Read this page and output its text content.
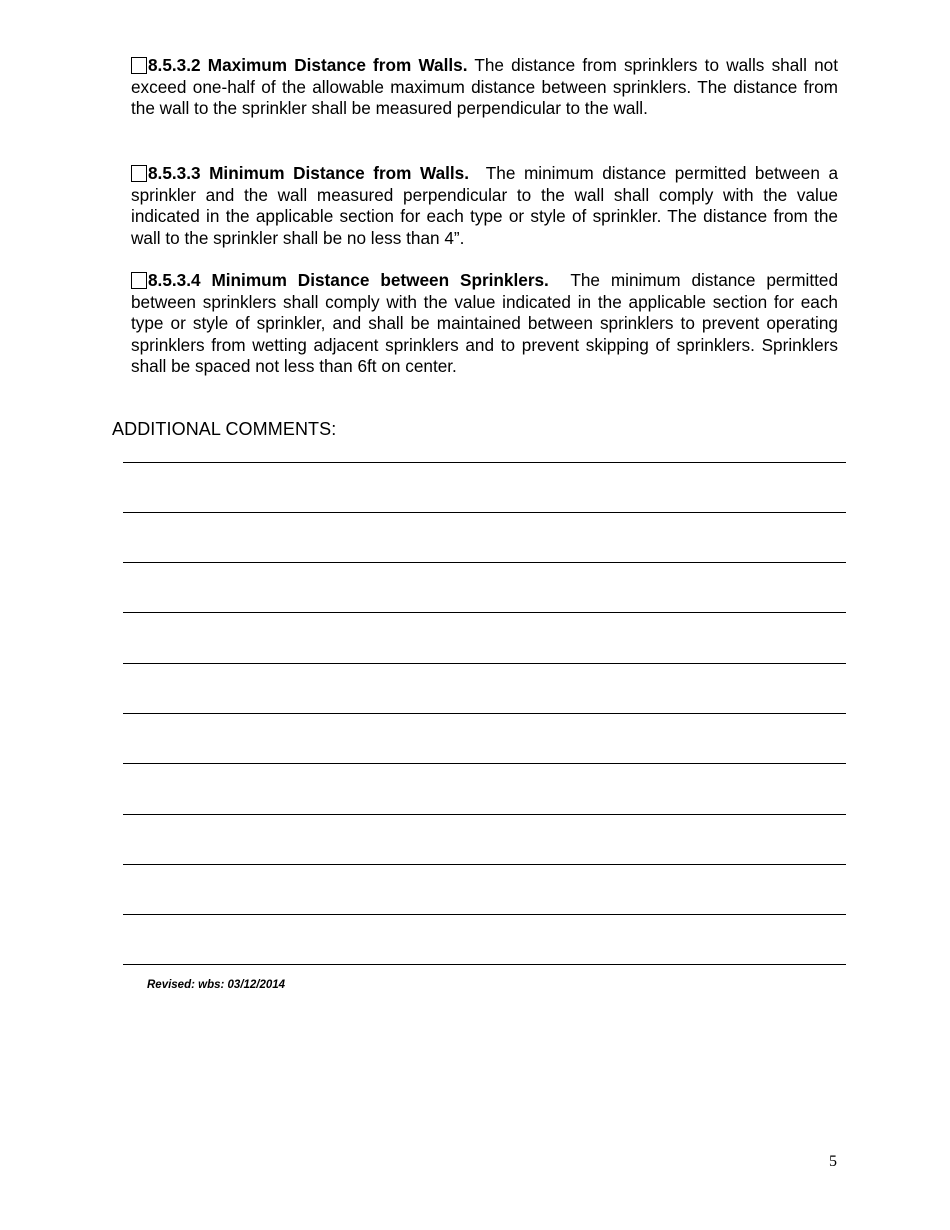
8.5.3.2 Maximum Distance from Walls. The distance from sprinklers to walls shall not exceed one-half of the allowable maximum distance between sprinklers. The distance from the wall to the sprinkler shall be measured perpendicular to the wall.
8.5.3.3 Minimum Distance from Walls. The minimum distance permitted between a sprinkler and the wall measured perpendicular to the wall shall comply with the value indicated in the applicable section for each type or style of sprinkler. The distance from the wall to the sprinkler shall be no less than 4”.
8.5.3.4 Minimum Distance between Sprinklers. The minimum distance permitted between sprinklers shall comply with the value indicated in the applicable section for each type or style of sprinkler, and shall be maintained between sprinklers to prevent operating sprinklers from wetting adjacent sprinklers and to prevent skipping of sprinklers. Sprinklers shall be spaced not less than 6ft on center.
ADDITIONAL COMMENTS:
Revised: wbs: 03/12/2014
5
